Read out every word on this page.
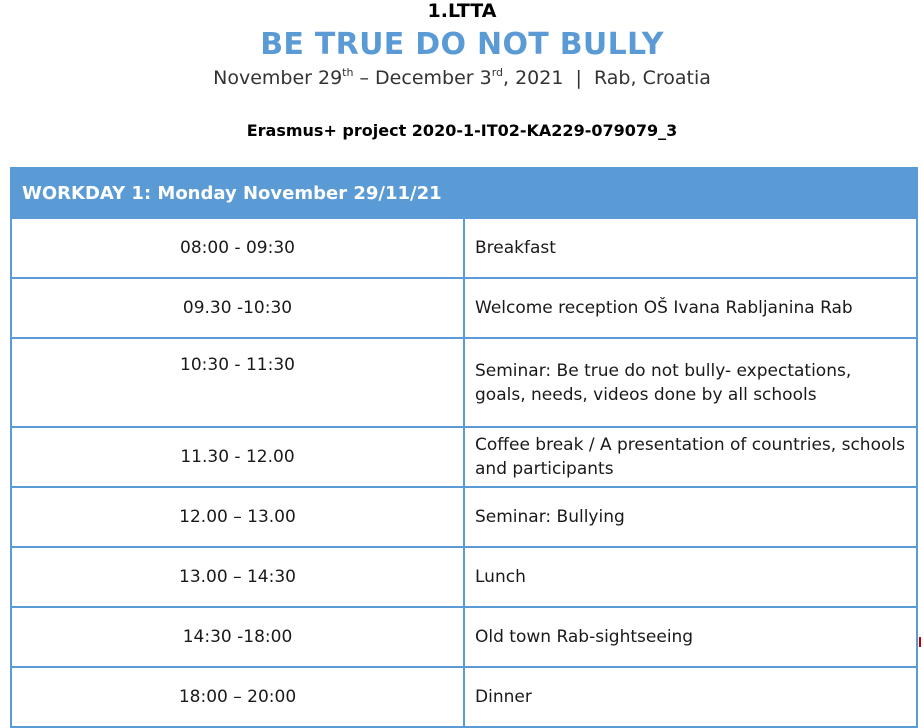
1.LTTA
BE TRUE DO NOT BULLY
November 29th – December 3rd, 2021  |  Rab, Croatia
Erasmus+ project 2020-1-IT02-KA229-079079_3
WORKDAY 1: Monday November 29/11/21	
08:00 - 09:30	Breakfast
09.30 -10:30	Welcome reception OŠ Ivana Rabljanina Rab
10:30 - 11:30	Seminar: Be true do not bully- expectations, goals, needs, videos done by all schools
11.30 - 12.00	Coffee break / A presentation of countries, schools and participants
12.00 – 13.00	Seminar: Bullying
13.00 – 14:30	Lunch
14:30 -18:00	Old town Rab-sightseeing
18:00 – 20:00	Dinner
